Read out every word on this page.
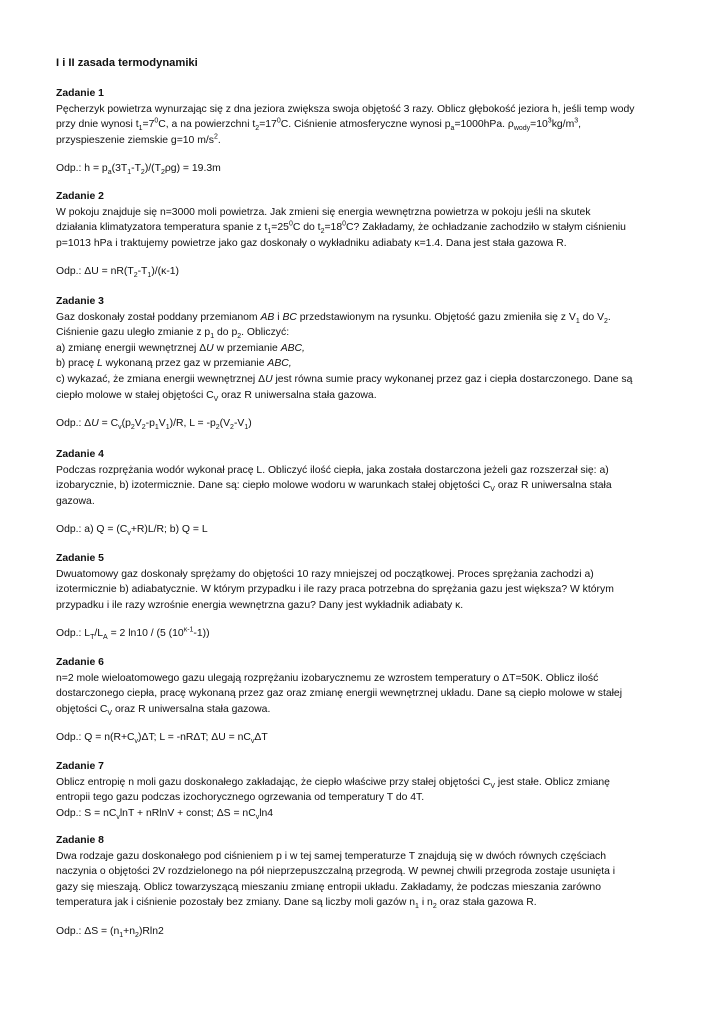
I i II zasada termodynamiki
Zadanie 1
Pęcherzyk powietrza wynurzając się z dna jeziora zwiększa swoja objętość 3 razy. Oblicz głębokość jeziora h, jeśli temp wody
przy dnie wynosi $t_1=7^0C$, a na powierzchni $t_2=17^0C$. Ciśnienie atmosferyczne wynosi $p_a=1000hPa$. $\rho_{wody}=10^3kg/m^3$,
przyspieszenie ziemskie g=10 $m/s^2$.
Odp.: $h = p_a(3T_1-T_2)/(T_2\rho g) = 19.3m$
Zadanie 2
W pokoju znajduje się n=3000 moli powietrza. Jak zmieni się energia wewnętrzna powietrza w pokoju jeśli na skutek
działania klimatyzatora temperatura spanie z $t_1=25^0C$ do $t_2=18^0C$? Zakładamy, że ochładzanie zachodziło w stałym ciśnieniu
p=1013 hPa i traktujemy powietrze jako gaz doskonały o wykładniku adiabaty κ=1.4. Dana jest stała gazowa R.
Odp.: $\Delta U = nR(T_2-T_1)/(\kappa-1)$
Zadanie 3
Gaz doskonały został poddany przemianom AB i BC przedstawionym na rysunku. Objętość gazu zmieniła się z $V_1$ do $V_2$.
Ciśnienie gazu uległo zmianie z $p_1$ do $p_2$. Obliczyć:
a) zmianę energii wewnętrznej ΔU w przemianie ABC,
b) pracę L wykonaną przez gaz w przemianie ABC,
c) wykazać, że zmiana energii wewnętrznej ΔU jest równa sumie pracy wykonanej przez gaz i ciepła dostarczonego. Dane są
ciepło molowe w stałej objętości $C_V$ oraz R uniwersalna stała gazowa.
Odp.: $\Delta U = C_v(p_2V_2-p_1V_1)/R$, $L = -p_2(V_2-V_1)$
Zadanie 4
Podczas rozprężania wodór wykonał pracę L. Obliczyć ilość ciepła, jaka została dostarczona jeżeli gaz rozszerzał się: a)
izobarycznie, b) izotermicznie. Dane są: ciepło molowe wodoru w warunkach stałej objętości $C_V$ oraz R uniwersalna stała
gazowa.
Odp.: a) $Q = (C_v+R)L/R$; b) Q = L
Zadanie 5
Dwuatomowy gaz doskonały sprężamy do objętości 10 razy mniejszej od początkowej. Proces sprężania zachodzi a)
izotermicznie b) adiabatycznie. W którym przypadku i ile razy praca potrzebna do sprężania gazu jest większa? W którym
przypadku i ile razy wzrośnie energia wewnętrzna gazu? Dany jest wykładnik adiabaty κ.
Odp.: $L_T/L_A = 2$ ln10 / (5 $(10^{\kappa-1}-1)$)
Zadanie 6
n=2 mole wieloatomowego gazu ulegają rozprężaniu izobarycznemu ze wzrostem temperatury o ΔT=50K. Oblicz ilość
dostarczonego ciepła, pracę wykonaną przez gaz oraz zmianę energii wewnętrznej układu. Dane są ciepło molowe w stałej
objętości $C_V$ oraz R uniwersalna stała gazowa.
Odp.: $Q = n(R+C_v)\Delta T$; L = -nRΔT; $\Delta U = nC_v\Delta T$
Zadanie 7
Oblicz entropię n moli gazu doskonałego zakładając, że ciepło właściwe przy stałej objętości $C_V$ jest stałe. Oblicz zmianę
entropii tego gazu podczas izochorycznego ogrzewania od temperatury T do 4T.
Odp.: $S = nC_v\ln T + nRlnV$ + const; $\Delta S = nC_v\ln 4$
Zadanie 8
Dwa rodzaje gazu doskonałego pod ciśnieniem p i w tej samej temperaturze T znajdują się w dwóch równych częściach
naczynia o objętości 2V rozdzielonego na pół nieprzepuszczalną przegrodą. W pewnej chwili przegroda zostaje usunięta i
gazy się mieszają. Oblicz towarzyszącą mieszaniu zmianę entropii układu. Zakładamy, że podczas mieszania zarówno
temperatura jak i ciśnienie pozostały bez zmiany. Dane są liczby moli gazów $n_1$ i $n_2$ oraz stała gazowa R.
Odp.: $\Delta S = (n_1+n_2)Rln2$
